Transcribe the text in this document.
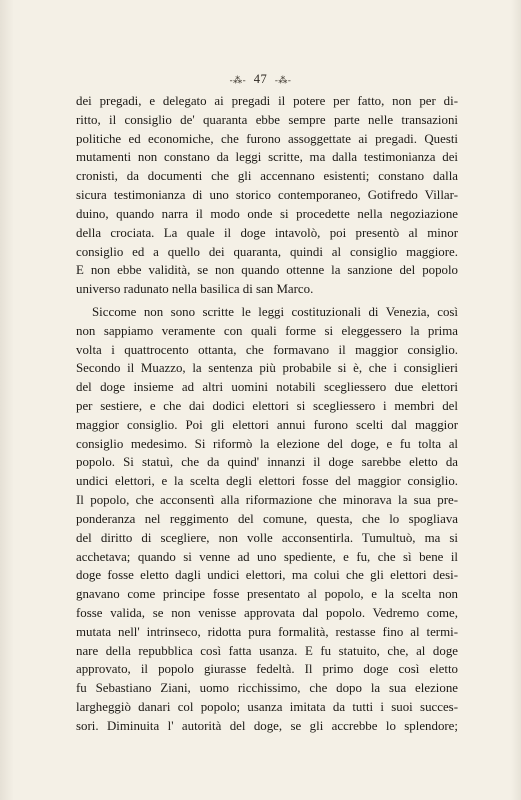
-⁂- 47 -⁂-
dei pregadi, e delegato ai pregadi il potere per fatto, non per di-
ritto, il consiglio de' quaranta ebbe sempre parte nelle transazioni
politiche ed economiche, che furono assoggettate ai pregadi. Questi
mutamenti non constano da leggi scritte, ma dalla testimonianza dei
cronisti, da documenti che gli accennano esistenti; constano dalla
sicura testimonianza di uno storico contemporaneo, Gotifredo Villar-
duino, quando narra il modo onde si procedette nella negoziazione
della crociata. La quale il doge intavolò, poi presentò al minor
consiglio ed a quello dei quaranta, quindi al consiglio maggiore.
E non ebbe validità, se non quando ottenne la sanzione del popolo
universo radunato nella basilica di san Marco.
Siccome non sono scritte le leggi costituzionali di Venezia, così
non sappiamo veramente con quali forme si eleggessero la prima
volta i quattrocento ottanta, che formavano il maggior consiglio.
Secondo il Muazzo, la sentenza più probabile si è, che i consiglieri
del doge insieme ad altri uomini notabili scegliessero due elettori
per sestiere, e che dai dodici elettori si scegliessero i membri del
maggior consiglio. Poi gli elettori annui furono scelti dal maggior
consiglio medesimo. Si riformò la elezione del doge, e fu tolta al
popolo. Si statuì, che da quind' innanzi il doge sarebbe eletto da
undici elettori, e la scelta degli elettori fosse del maggior consiglio.
Il popolo, che acconsentì alla riformazione che minorava la sua pre-
ponderanza nel reggimento del comune, questa, che lo spogliava
del diritto di scegliere, non volle acconsentirla. Tumultuò, ma si
acchetava; quando si venne ad uno spediente, e fu, che sì bene il
doge fosse eletto dagli undici elettori, ma colui che gli elettori desi-
gnavano come principe fosse presentato al popolo, e la scelta non
fosse valida, se non venisse approvata dal popolo. Vedremo come,
mutata nell' intrinseco, ridotta pura formalità, restasse fino al termi-
nare della repubblica così fatta usanza. E fu statuito, che, al doge
approvato, il popolo giurasse fedeltà. Il primo doge così eletto
fu Sebastiano Ziani, uomo ricchissimo, che dopo la sua elezione
largheggiò danari col popolo; usanza imitata da tutti i suoi succes-
sori. Diminuita l' autorità del doge, se gli accrebbe lo splendore;
